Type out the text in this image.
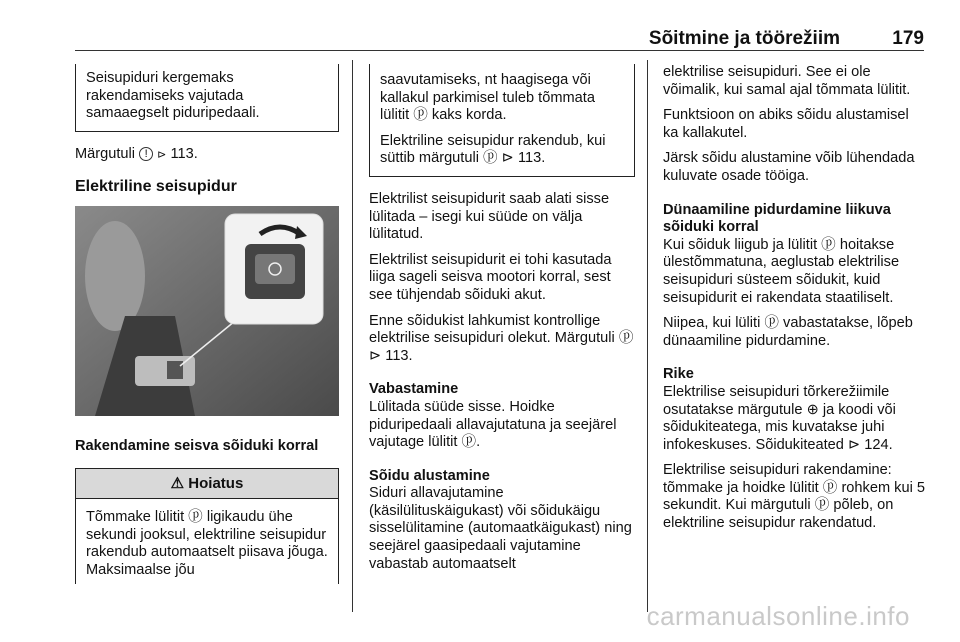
Sõitmine ja töörežiim	179
Seisupiduri kergemaks rakendamiseks vajutada samaaegselt piduripedaali.

Märgutuli ! ⊳ 113.

Elektriline seisupidur
Rakendamine seisva sõiduki korral
⚠ Hoiatus
Tõmmake lülitit ⓟ ligikaudu ühe sekundi jooksul, elektriline seisupidur rakendub automaatselt piisava jõuga. Maksimaalse jõu

saavutamiseks, nt haagisega või kallakul parkimisel tuleb tõmmata lülitit ⓟ kaks korda.

Elektriline seisupidur rakendub, kui süttib märgutuli ⓟ ⊳ 113.

Elektrilist seisupidurit saab alati sisse lülitada – isegi kui süüde on välja lülitatud.

Elektrilist seisupidurit ei tohi kasutada liiga sageli seisva mootori korral, sest see tühjendab sõiduki akut.

Enne sõidukist lahkumist kontrollige elektrilise seisupiduri olekut. Märgutuli ⓟ ⊳ 113.

Vabastamine

Lülitada süüde sisse. Hoidke piduripedaali allavajutatuna ja seejärel vajutage lülitit ⓟ.

Sõidu alustamine

Siduri allavajutamine (käsilülituskäigukast) või sõidukäigu sisselülitamine (automaatkäigukast) ning seejärel gaasipedaali vajutamine vabastab automaatselt

elektrilise seisupiduri. See ei ole võimalik, kui samal ajal tõmmata lülitit.

Funktsioon on abiks sõidu alustamisel ka kallakutel.

Järsk sõidu alustamine võib lühendada kuluvate osade tööiga.

Dünaamiline pidurdamine liikuva sõiduki korral

Kui sõiduk liigub ja lülitit ⓟ hoitakse ülestõmmatuna, aeglustab elektrilise seisupiduri süsteem sõidukit, kuid seisupidurit ei rakendata staatiliselt.

Niipea, kui lüliti ⓟ vabastatakse, lõpeb dünaamiline pidurdamine.

Rike

Elektrilise seisupiduri tõrkerežiimile osutatakse märgutule ⊕ ja koodi või sõidukiteatega, mis kuvatakse juhi infokeskuses. Sõidukiteated ⊳ 124.

Elektrilise seisupiduri rakendamine: tõmmake ja hoidke lülitit ⓟ rohkem kui 5 sekundit. Kui märgutuli ⓟ põleb, on elektriline seisupidur rakendatud.

carmanualsonline.info
